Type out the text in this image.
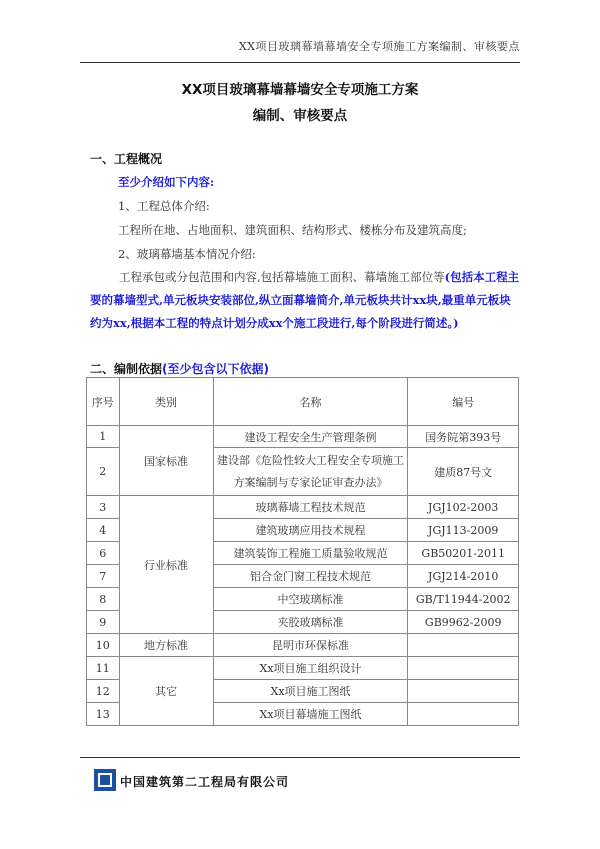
XX项目玻璃幕墙幕墙安全专项施工方案编制、审核要点
XX项目玻璃幕墙幕墙安全专项施工方案
编制、审核要点
一、工程概况
至少介绍如下内容:
1、工程总体介绍:
工程所在地、占地面积、建筑面积、结构形式、楼栋分布及建筑高度;
2、玻璃幕墙基本情况介绍:
工程承包或分包范围和内容,包括幕墙施工面积、幕墙施工部位等(包括本工程主要的幕墙型式,单元板块安装部位,纵立面幕墙简介,单元板块共计xx块,最重单元板块约为xx,根据本工程的特点计划分成xx个施工段进行,每个阶段进行简述。)
二、编制依据(至少包含以下依据)
序号	类别	名称	编号
1	国家标准	建设工程安全生产管理条例	国务院第393号
2		建设部《危险性较大工程安全专项施工方案编制与专家论证审查办法》	建质87号文
3	行业标准	玻璃幕墙工程技术规范	JGJ102-2003
4		建筑玻璃应用技术规程	JGJ113-2009
6		建筑装饰工程施工质量验收规范	GB50201-2011
7		铝合金门窗工程技术规范	JGJ214-2010
8		中空玻璃标准	GB/T11944-2002
9		夹胶玻璃标准	GB9962-2009
10	地方标准	昆明市环保标准	
11	其它	Xx项目施工组织设计	
12		Xx项目施工图纸	
13		Xx项目幕墙施工图纸	
中国建筑第二工程局有限公司
